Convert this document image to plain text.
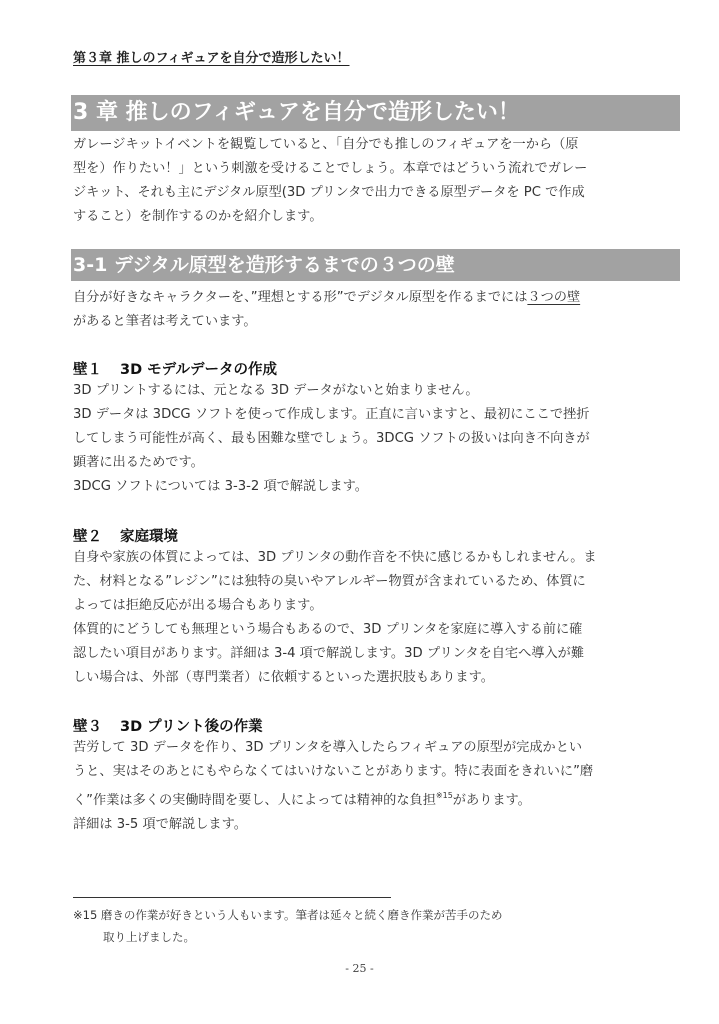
第３章 推しのフィギュアを自分で造形したい！
3 章 推しのフィギュアを自分で造形したい！
ガレージキットイベントを観覧していると、「自分でも推しのフィギュアを一から（原
型を）作りたい！」という刺激を受けることでしょう。本章ではどういう流れでガレー
ジキット、それも主にデジタル原型(3D プリンタで出力できる原型データを PC で作成
すること）を制作するのかを紹介します。
3-1 デジタル原型を造形するまでの３つの壁
自分が好きなキャラクターを、”理想とする形”でデジタル原型を作るまでには３つの壁
があると筆者は考えています。
壁１ 3D モデルデータの作成
3D プリントするには、元となる 3D データがないと始まりません。
3D データは 3DCG ソフトを使って作成します。正直に言いますと、最初にここで挫折
してしまう可能性が高く、最も困難な壁でしょう。3DCG ソフトの扱いは向き不向きが
顕著に出るためです。
3DCG ソフトについては 3-3-2 項で解説します。
壁２ 家庭環境
自身や家族の体質によっては、3D プリンタの動作音を不快に感じるかもしれません。ま
た、材料となる”レジン”には独特の臭いやアレルギー物質が含まれているため、体質に
よっては拒絶反応が出る場合もあります。
体質的にどうしても無理という場合もあるので、3D プリンタを家庭に導入する前に確
認したい項目があります。詳細は 3-4 項で解説します。3D プリンタを自宅へ導入が難
しい場合は、外部（専門業者）に依頼するといった選択肢もあります。
壁３ 3D プリント後の作業
苦労して 3D データを作り、3D プリンタを導入したらフィギュアの原型が完成かとい
うと、実はそのあとにもやらなくてはいけないことがあります。特に表面をきれいに”磨
く”作業は多くの実働時間を要し、人によっては精神的な負担$^{※15}$があります。
詳細は 3-5 項で解説します。
※15 磨きの作業が好きという人もいます。筆者は延々と続く磨き作業が苦手のため
取り上げました。
- 25 -
